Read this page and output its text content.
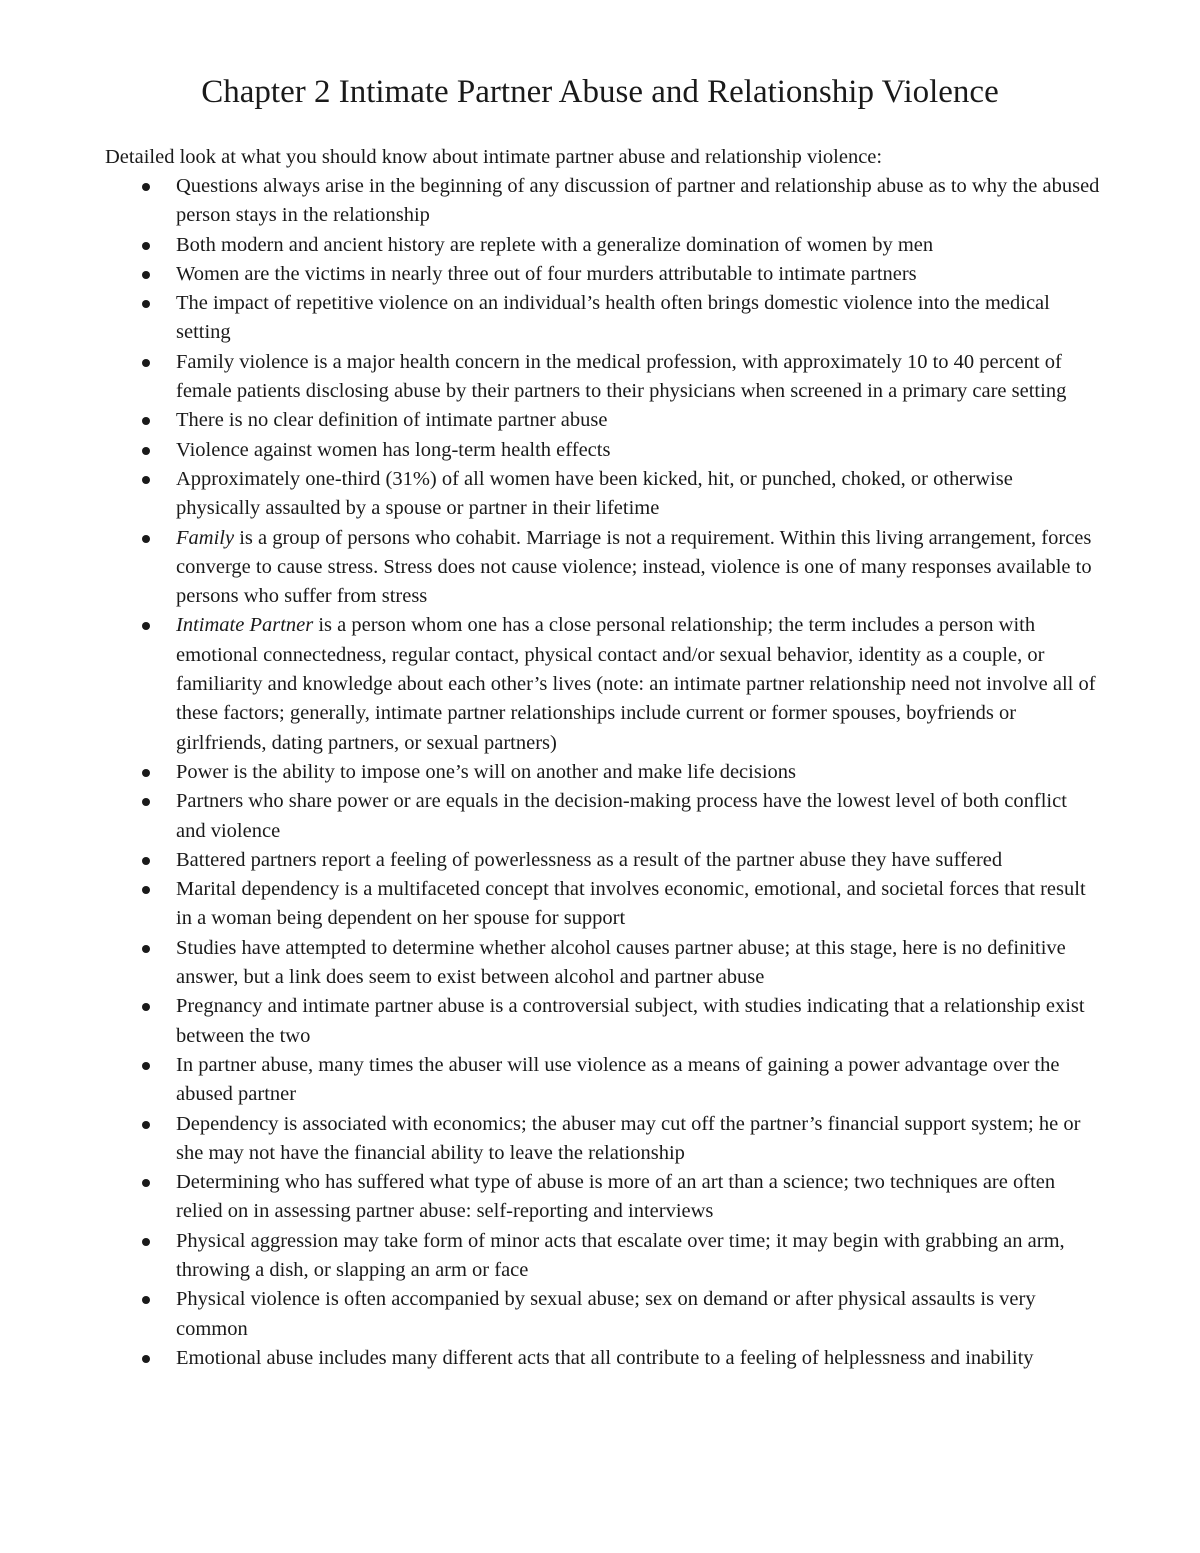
Chapter 2 Intimate Partner Abuse and Relationship Violence

Detailed look at what you should know about intimate partner abuse and relationship violence:

Questions always arise in the beginning of any discussion of partner and relationship abuse as to why the abused person stays in the relationship
Both modern and ancient history are replete with a generalize domination of women by men
Women are the victims in nearly three out of four murders attributable to intimate partners
The impact of repetitive violence on an individual’s health often brings domestic violence into the medical setting
Family violence is a major health concern in the medical profession, with approximately 10 to 40 percent of female patients disclosing abuse by their partners to their physicians when screened in a primary care setting
There is no clear definition of intimate partner abuse
Violence against women has long-term health effects
Approximately one-third (31%) of all women have been kicked, hit, or punched, choked, or otherwise physically assaulted by a spouse or partner in their lifetime
Family is a group of persons who cohabit. Marriage is not a requirement. Within this living arrangement, forces converge to cause stress. Stress does not cause violence; instead, violence is one of many responses available to persons who suffer from stress
Intimate Partner is a person whom one has a close personal relationship; the term includes a person with emotional connectedness, regular contact, physical contact and/or sexual behavior, identity as a couple, or familiarity and knowledge about each other’s lives (note: an intimate partner relationship need not involve all of these factors; generally, intimate partner relationships include current or former spouses, boyfriends or girlfriends, dating partners, or sexual partners)
Power is the ability to impose one’s will on another and make life decisions
Partners who share power or are equals in the decision-making process have the lowest level of both conflict and violence
Battered partners report a feeling of powerlessness as a result of the partner abuse they have suffered
Marital dependency is a multifaceted concept that involves economic, emotional, and societal forces that result in a woman being dependent on her spouse for support
Studies have attempted to determine whether alcohol causes partner abuse; at this stage, here is no definitive answer, but a link does seem to exist between alcohol and partner abuse
Pregnancy and intimate partner abuse is a controversial subject, with studies indicating that a relationship exist between the two
In partner abuse, many times the abuser will use violence as a means of gaining a power advantage over the abused partner
Dependency is associated with economics; the abuser may cut off the partner’s financial support system; he or she may not have the financial ability to leave the relationship
Determining who has suffered what type of abuse is more of an art than a science; two techniques are often relied on in assessing partner abuse: self-reporting and interviews
Physical aggression may take form of minor acts that escalate over time; it may begin with grabbing an arm, throwing a dish, or slapping an arm or face
Physical violence is often accompanied by sexual abuse; sex on demand or after physical assaults is very common
Emotional abuse includes many different acts that all contribute to a feeling of helplessness and inability
